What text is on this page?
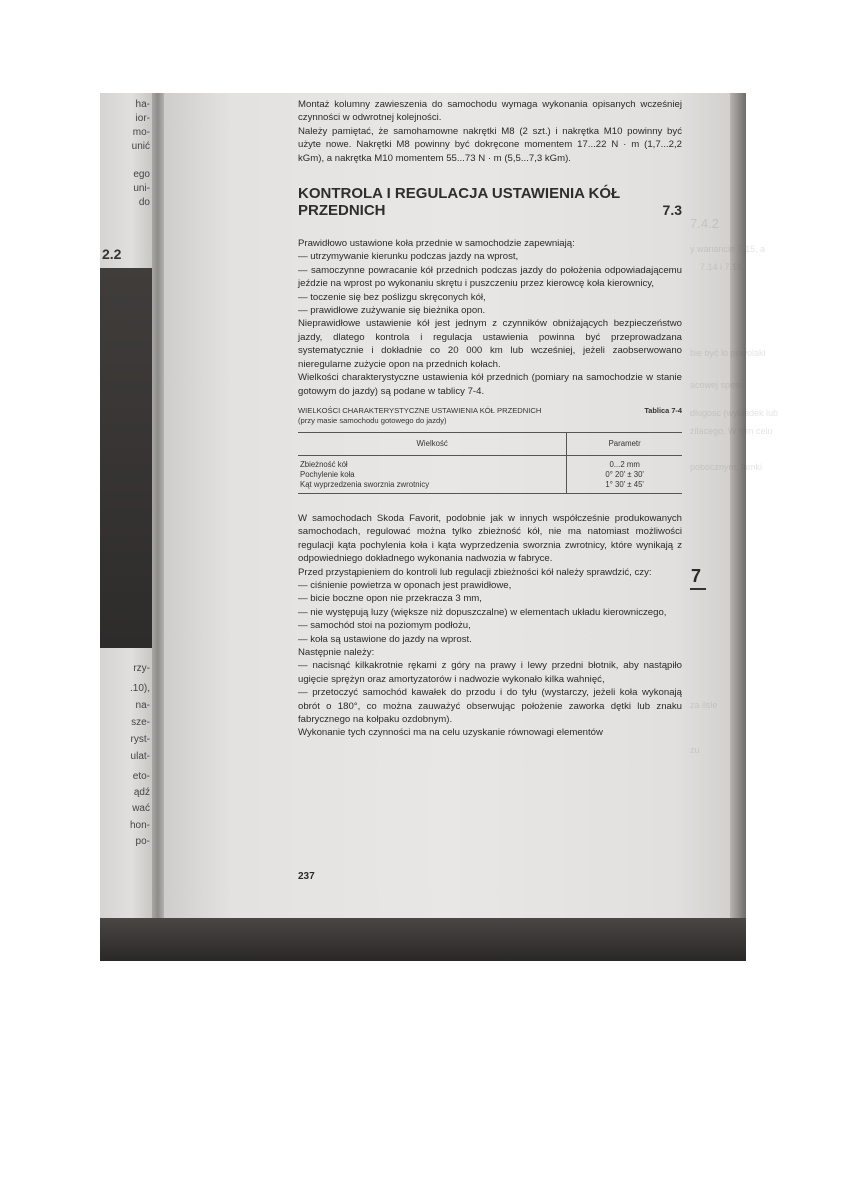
ha-
ior-
mo-
unić
ego
uni-
do
2.2
rzy-
.10),
na-
sze-
ryst-
ulat-
eto-
ądź
wać
hon-
po-
7.4.2
y wariancie 7.15, a
7.14 i 7.15
bie być lo powolaki
acowej spesi
dlugosc (wykładek lub
zilacego. W tym celu
pobocznym, lamki
za ilsle
zu

Montaż kolumny zawieszenia do samochodu wymaga wykonania opisanych wcześniej czynności w odwrotnej kolejności.

Należy pamiętać, że samohamowne nakrętki M8 (2 szt.) i nakrętka M10 powinny być użyte nowe. Nakrętki M8 powinny być dokręcone momentem 17...22 N · m (1,7...2,2 kGm), a nakrętka M10 momentem 55...73 N · m (5,5...7,3 kGm).

KONTROLA I REGULACJA USTAWIENIA KÓŁ
PRZEDNICH	7.3

Prawidłowo ustawione koła przednie w samochodzie zapewniają:

— utrzymywanie kierunku podczas jazdy na wprost,

— samoczynne powracanie kół przednich podczas jazdy do położenia odpowiadającemu jeździe na wprost po wykonaniu skrętu i puszczeniu przez kierowcę koła kierownicy,

— toczenie się bez poślizgu skręconych kół,

— prawidłowe zużywanie się bieżnika opon.

Nieprawidłowe ustawienie kół jest jednym z czynników obniżających bezpieczeństwo jazdy, dlatego kontrola i regulacja ustawienia powinna być przeprowadzana systematycznie i dokładnie co 20 000 km lub wcześniej, jeżeli zaobserwowano nieregularne zużycie opon na przednich kołach.

Wielkości charakterystyczne ustawienia kół przednich (pomiary na samochodzie w stanie gotowym do jazdy) są podane w tablicy 7-4.

WIELKOŚCI CHARAKTERYSTYCZNE USTAWIENIA KÓŁ PRZEDNICH	Tablica 7-4
(przy masie samochodu gotowego do jazdy)
Wielkość	Parametr
Zbieżność kół	0...2 mm
Pochylenie koła	0° 20' ± 30'
Kąt wyprzedzenia sworznia zwrotnicy	1° 30' ± 45'

W samochodach Skoda Favorit, podobnie jak w innych współcześnie produkowanych samochodach, regulować można tylko zbieżność kół, nie ma natomiast możliwości regulacji kąta pochylenia koła i kąta wyprzedzenia sworznia zwrotnicy, które wynikają z odpowiedniego dokładnego wykonania nadwozia w fabryce.

Przed przystąpieniem do kontroli lub regulacji zbieżności kół należy sprawdzić, czy:

— ciśnienie powietrza w oponach jest prawidłowe,

— bicie boczne opon nie przekracza 3 mm,

— nie występują luzy (większe niż dopuszczalne) w elementach układu kierowniczego,

— samochód stoi na poziomym podłożu,

— koła są ustawione do jazdy na wprost.

Następnie należy:

— nacisnąć kilkakrotnie rękami z góry na prawy i lewy przedni błotnik, aby nastąpiło ugięcie sprężyn oraz amortyzatorów i nadwozie wykonało kilka wahnięć,

— przetoczyć samochód kawałek do przodu i do tyłu (wystarczy, jeżeli koła wykonają obrót o 180°, co można zauważyć obserwując położenie zaworka dętki lub znaku fabrycznego na kołpaku ozdobnym).

Wykonanie tych czynności ma na celu uzyskanie równowagi elementów

7
237
